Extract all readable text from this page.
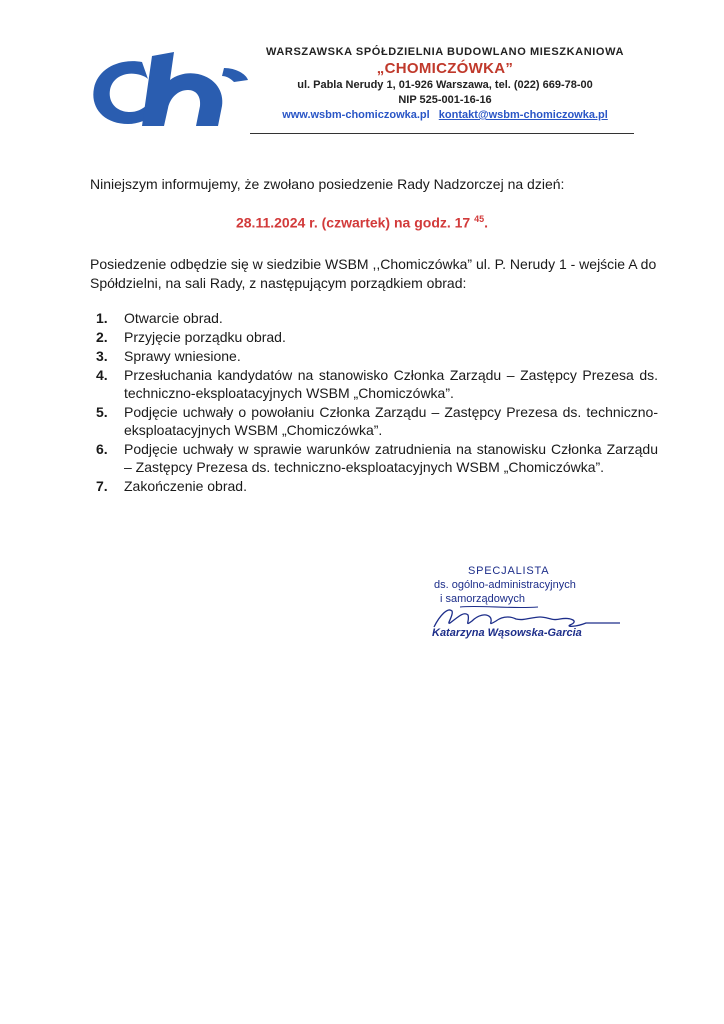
WARSZAWSKA SPÓŁDZIELNIA BUDOWLANO MIESZKANIOWA
„CHOMICZÓWKA”
ul. Pabla Nerudy 1, 01-926 Warszawa, tel. (022) 669-78-00
NIP 525-001-16-16
www.wsbm-chomiczowka.pl kontakt@wsbm-chomiczowka.pl
Niniejszym informujemy, że zwołano posiedzenie Rady Nadzorczej na dzień:
28.11.2024 r. (czwartek) na godz. 17 $^{45}$.
Posiedzenie odbędzie się w siedzibie WSBM ,,Chomiczówka” ul. P. Nerudy 1 - wejście A do Spółdzielni, na sali Rady, z następującym porządkiem obrad:
1.	Otwarcie obrad.
2.	Przyjęcie porządku obrad.
3.	Sprawy wniesione.
4.	Przesłuchania kandydatów na stanowisko Członka Zarządu – Zastępcy Prezesa ds. techniczno-eksploatacyjnych WSBM „Chomiczówka”.
5.	Podjęcie uchwały o powołaniu Członka Zarządu – Zastępcy Prezesa ds. techniczno-eksploatacyjnych WSBM „Chomiczówka”.
6.	Podjęcie uchwały w sprawie warunków zatrudnienia na stanowisku Członka Zarządu – Zastępcy Prezesa ds. techniczno-eksploatacyjnych WSBM „Chomiczówka”.
7.	Zakończenie obrad.
SPECJALISTA
ds. ogólno-administracyjnych
i samorządowych
Katarzyna Wąsowska-Garcia
